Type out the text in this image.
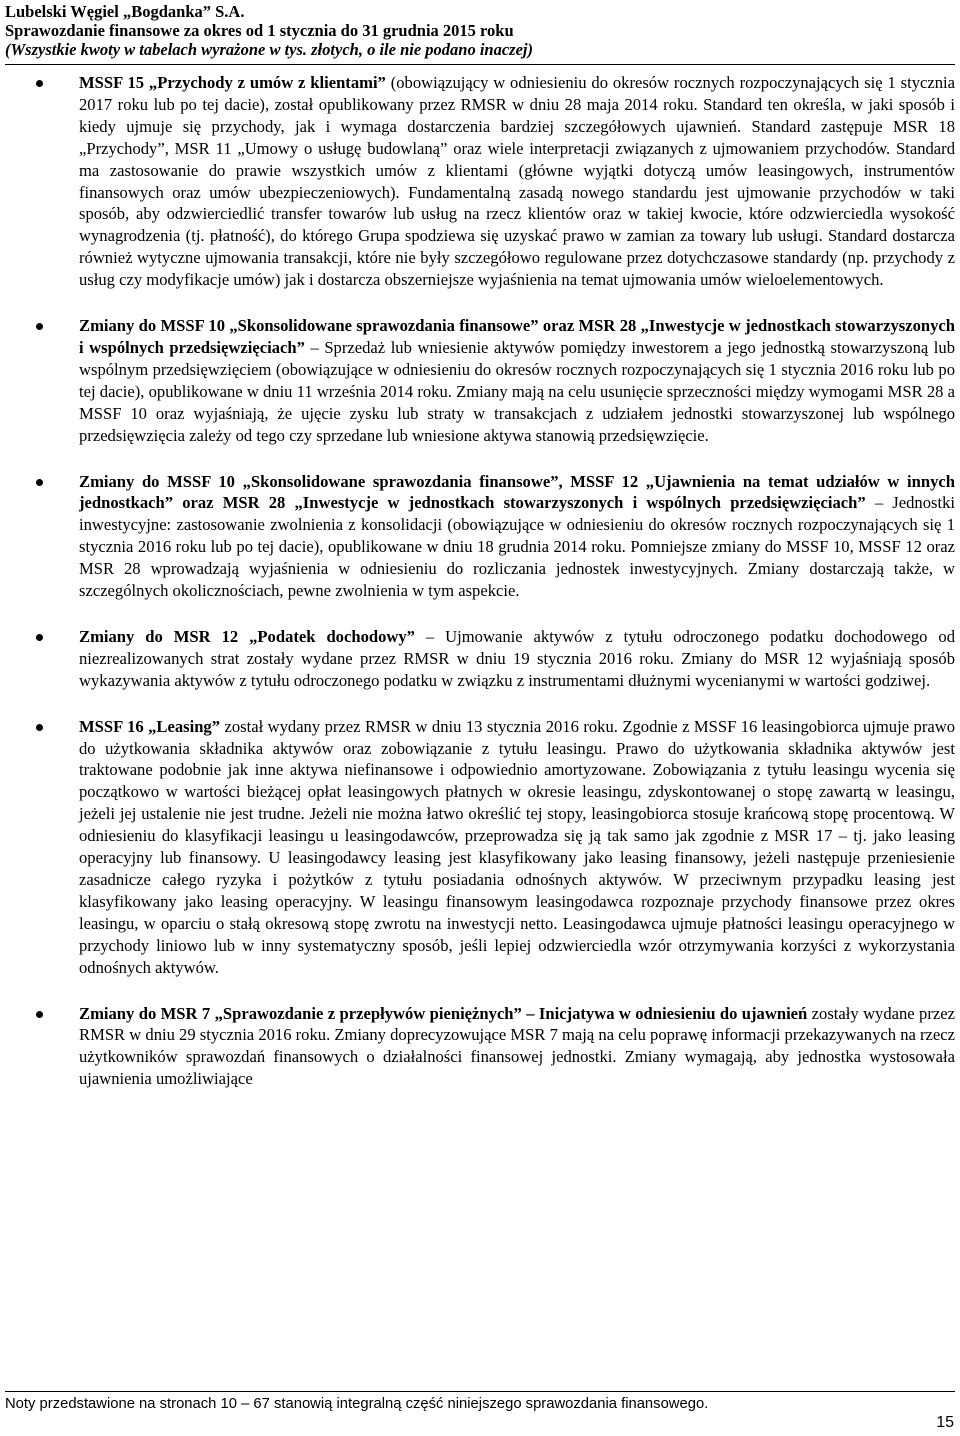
Lubelski Węgiel „Bogdanka” S.A.
Sprawozdanie finansowe za okres od 1 stycznia do 31 grudnia 2015 roku
(Wszystkie kwoty w tabelach wyrażone w tys. złotych, o ile nie podano inaczej)
MSSF 15 „Przychody z umów z klientami” (obowiązujący w odniesieniu do okresów rocznych rozpoczynających się 1 stycznia 2017 roku lub po tej dacie), został opublikowany przez RMSR w dniu 28 maja 2014 roku. Standard ten określa, w jaki sposób i kiedy ujmuje się przychody, jak i wymaga dostarczenia bardziej szczegółowych ujawnień. Standard zastępuje MSR 18 „Przychody”, MSR 11 „Umowy o usługę budowlaną” oraz wiele interpretacji związanych z ujmowaniem przychodów. Standard ma zastosowanie do prawie wszystkich umów z klientami (główne wyjątki dotyczą umów leasingowych, instrumentów finansowych oraz umów ubezpieczeniowych). Fundamentalną zasadą nowego standardu jest ujmowanie przychodów w taki sposób, aby odzwierciedlić transfer towarów lub usług na rzecz klientów oraz w takiej kwocie, które odzwierciedla wysokość wynagrodzenia (tj. płatność), do którego Grupa spodziewa się uzyskać prawo w zamian za towary lub usługi. Standard dostarcza również wytyczne ujmowania transakcji, które nie były szczegółowo regulowane przez dotychczasowe standardy (np. przychody z usług czy modyfikacje umów) jak i dostarcza obszerniejsze wyjaśnienia na temat ujmowania umów wieloelementowych.
Zmiany do MSSF 10 „Skonsolidowane sprawozdania finansowe” oraz MSR 28 „Inwestycje w jednostkach stowarzyszonych i wspólnych przedsięwzięciach” – Sprzedaż lub wniesienie aktywów pomiędzy inwestorem a jego jednostką stowarzyszoną lub wspólnym przedsięwzięciem (obowiązujące w odniesieniu do okresów rocznych rozpoczynających się 1 stycznia 2016 roku lub po tej dacie), opublikowane w dniu 11 września 2014 roku. Zmiany mają na celu usunięcie sprzeczności między wymogami MSR 28 a MSSF 10 oraz wyjaśniają, że ujęcie zysku lub straty w transakcjach z udziałem jednostki stowarzyszonej lub wspólnego przedsięwzięcia zależy od tego czy sprzedane lub wniesione aktywa stanowią przedsięwzięcie.
Zmiany do MSSF 10 „Skonsolidowane sprawozdania finansowe”, MSSF 12 „Ujawnienia na temat udziałów w innych jednostkach” oraz MSR 28 „Inwestycje w jednostkach stowarzyszonych i wspólnych przedsięwzięciach” – Jednostki inwestycyjne: zastosowanie zwolnienia z konsolidacji (obowiązujące w odniesieniu do okresów rocznych rozpoczynających się 1 stycznia 2016 roku lub po tej dacie), opublikowane w dniu 18 grudnia 2014 roku. Pomniejsze zmiany do MSSF 10, MSSF 12 oraz MSR 28 wprowadzają wyjaśnienia w odniesieniu do rozliczania jednostek inwestycyjnych. Zmiany dostarczają także, w szczególnych okolicznościach, pewne zwolnienia w tym aspekcie.
Zmiany do MSR 12 „Podatek dochodowy” – Ujmowanie aktywów z tytułu odroczonego podatku dochodowego od niezrealizowanych strat zostały wydane przez RMSR w dniu 19 stycznia 2016 roku. Zmiany do MSR 12 wyjaśniają sposób wykazywania aktywów z tytułu odroczonego podatku w związku z instrumentami dłużnymi wycenianymi w wartości godziwej.
MSSF 16 „Leasing” został wydany przez RMSR w dniu 13 stycznia 2016 roku. Zgodnie z MSSF 16 leasingobiorca ujmuje prawo do użytkowania składnika aktywów oraz zobowiązanie z tytułu leasingu. Prawo do użytkowania składnika aktywów jest traktowane podobnie jak inne aktywa niefinansowe i odpowiednio amortyzowane. Zobowiązania z tytułu leasingu wycenia się początkowo w wartości bieżącej opłat leasingowych płatnych w okresie leasingu, zdyskontowanej o stopę zawartą w leasingu, jeżeli jej ustalenie nie jest trudne. Jeżeli nie można łatwo określić tej stopy, leasingobiorca stosuje krańcową stopę procentową. W odniesieniu do klasyfikacji leasingu u leasingodawców, przeprowadza się ją tak samo jak zgodnie z MSR 17 – tj. jako leasing operacyjny lub finansowy. U leasingodawcy leasing jest klasyfikowany jako leasing finansowy, jeżeli następuje przeniesienie zasadnicze całego ryzyka i pożytków z tytułu posiadania odnośnych aktywów. W przeciwnym przypadku leasing jest klasyfikowany jako leasing operacyjny. W leasingu finansowym leasingodawca rozpoznaje przychody finansowe przez okres leasingu, w oparciu o stałą okresową stopę zwrotu na inwestycji netto. Leasingodawca ujmuje płatności leasingu operacyjnego w przychody liniowo lub w inny systematyczny sposób, jeśli lepiej odzwierciedla wzór otrzymywania korzyści z wykorzystania odnośnych aktywów.
Zmiany do MSR 7 „Sprawozdanie z przepływów pieniężnych” – Inicjatywa w odniesieniu do ujawnień zostały wydane przez RMSR w dniu 29 stycznia 2016 roku. Zmiany doprecyzowujące MSR 7 mają na celu poprawę informacji przekazywanych na rzecz użytkowników sprawozdań finansowych o działalności finansowej jednostki. Zmiany wymagają, aby jednostka wystosowała ujawnienia umożliwiające
Noty przedstawione na stronach 10 – 67 stanowią integralną część niniejszego sprawozdania finansowego.
15
